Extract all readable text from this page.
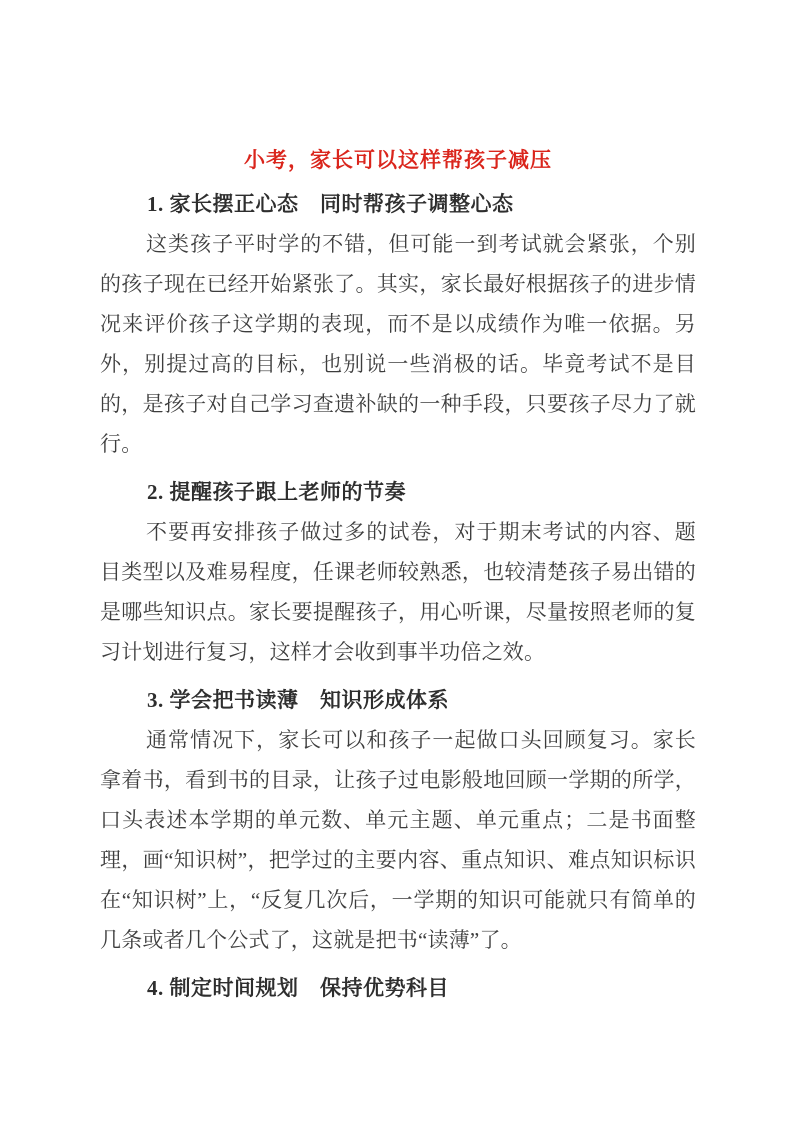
小考，家长可以这样帮孩子减压
1. 家长摆正心态　同时帮孩子调整心态

这类孩子平时学的不错，但可能一到考试就会紧张，个别的孩子现在已经开始紧张了。其实，家长最好根据孩子的进步情况来评价孩子这学期的表现，而不是以成绩作为唯一依据。另外，别提过高的目标，也别说一些消极的话。毕竟考试不是目的，是孩子对自己学习查遗补缺的一种手段，只要孩子尽力了就行。

2. 提醒孩子跟上老师的节奏

不要再安排孩子做过多的试卷，对于期末考试的内容、题目类型以及难易程度，任课老师较熟悉，也较清楚孩子易出错的是哪些知识点。家长要提醒孩子，用心听课，尽量按照老师的复习计划进行复习，这样才会收到事半功倍之效。

3. 学会把书读薄　知识形成体系

通常情况下，家长可以和孩子一起做口头回顾复习。家长拿着书，看到书的目录，让孩子过电影般地回顾一学期的所学，口头表述本学期的单元数、单元主题、单元重点；二是书面整理，画“知识树”，把学过的主要内容、重点知识、难点知识标识在“知识树”上，“反复几次后，一学期的知识可能就只有简单的几条或者几个公式了，这就是把书“读薄”了。

4. 制定时间规划　保持优势科目
